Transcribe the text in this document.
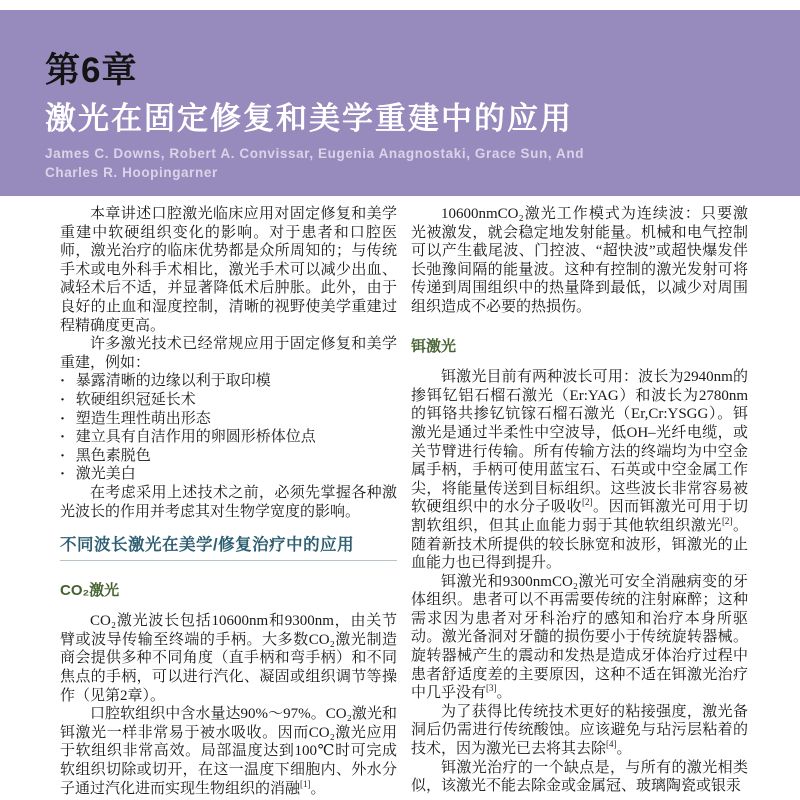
第6章
激光在固定修复和美学重建中的应用
James C. Downs, Robert A. Convissar, Eugenia Anagnostaki, Grace Sun, And
Charles R. Hoopingarner

本章讲述口腔激光临床应用对固定修复和美学重建中软硬组织变化的影响。对于患者和口腔医师，激光治疗的临床优势都是众所周知的；与传统手术或电外科手术相比，激光手术可以减少出血、减轻术后不适，并显著降低术后肿胀。此外，由于良好的止血和湿度控制，清晰的视野使美学重建过程精确度更高。

许多激光技术已经常规应用于固定修复和美学重建，例如：

· 暴露清晰的边缘以利于取印模
· 软硬组织冠延长术
· 塑造生理性萌出形态
· 建立具有自洁作用的卵圆形桥体位点
· 黑色素脱色
· 激光美白

在考虑采用上述技术之前，必须先掌握各种激光波长的作用并考虑其对生物学宽度的影响。

不同波长激光在美学/修复治疗中的应用
CO₂激光

CO₂激光波长包括10600nm和9300nm，由关节臂或波导传输至终端的手柄。大多数CO₂激光制造商会提供多种不同角度（直手柄和弯手柄）和不同焦点的手柄，可以进行汽化、凝固或组织调节等操作（见第2章）。

口腔软组织中含水量达90%～97%。CO₂激光和铒激光一样非常易于被水吸收。因而CO₂激光应用于软组织非常高效。局部温度达到100℃时可完成软组织切除或切开，在这一温度下细胞内、外水分子通过汽化进而实现生物组织的消融[1]。

10600nmCO₂激光工作模式为连续波：只要激光被激发，就会稳定地发射能量。机械和电气控制可以产生截尾波、门控波、“超快波”或超快爆发伴长弛豫间隔的能量波。这种有控制的激光发射可将传递到周围组织中的热量降到最低，以减少对周围组织造成不必要的热损伤。

铒激光

铒激光目前有两种波长可用：波长为2940nm的掺铒钇铝石榴石激光（Er:YAG）和波长为2780nm的铒铬共掺钇钪镓石榴石激光（Er,Cr:YSGG）。铒激光是通过半柔性中空波导，低OH–光纤电缆，或关节臂进行传输。所有传输方法的终端均为中空金属手柄，手柄可使用蓝宝石、石英或中空金属工作尖，将能量传送到目标组织。这些波长非常容易被软硬组织中的水分子吸收[2]。因而铒激光可用于切割软组织，但其止血能力弱于其他软组织激光[2]。随着新技术所提供的较长脉宽和波形，铒激光的止血能力也已得到提升。

铒激光和9300nmCO₂激光可安全消融病变的牙体组织。患者可以不再需要传统的注射麻醉；这种需求因为患者对牙科治疗的感知和治疗本身所驱动。激光备洞对牙髓的损伤要小于传统旋转器械。旋转器械产生的震动和发热是造成牙体治疗过程中患者舒适度差的主要原因，这种不适在铒激光治疗中几乎没有[3]。

为了获得比传统技术更好的粘接强度，激光备洞后仍需进行传统酸蚀。应该避免与玷污层粘着的技术，因为激光已去将其去除[4]。

铒激光治疗的一个缺点是，与所有的激光相类似，该激光不能去除金或金属冠、玻璃陶瓷或银汞
